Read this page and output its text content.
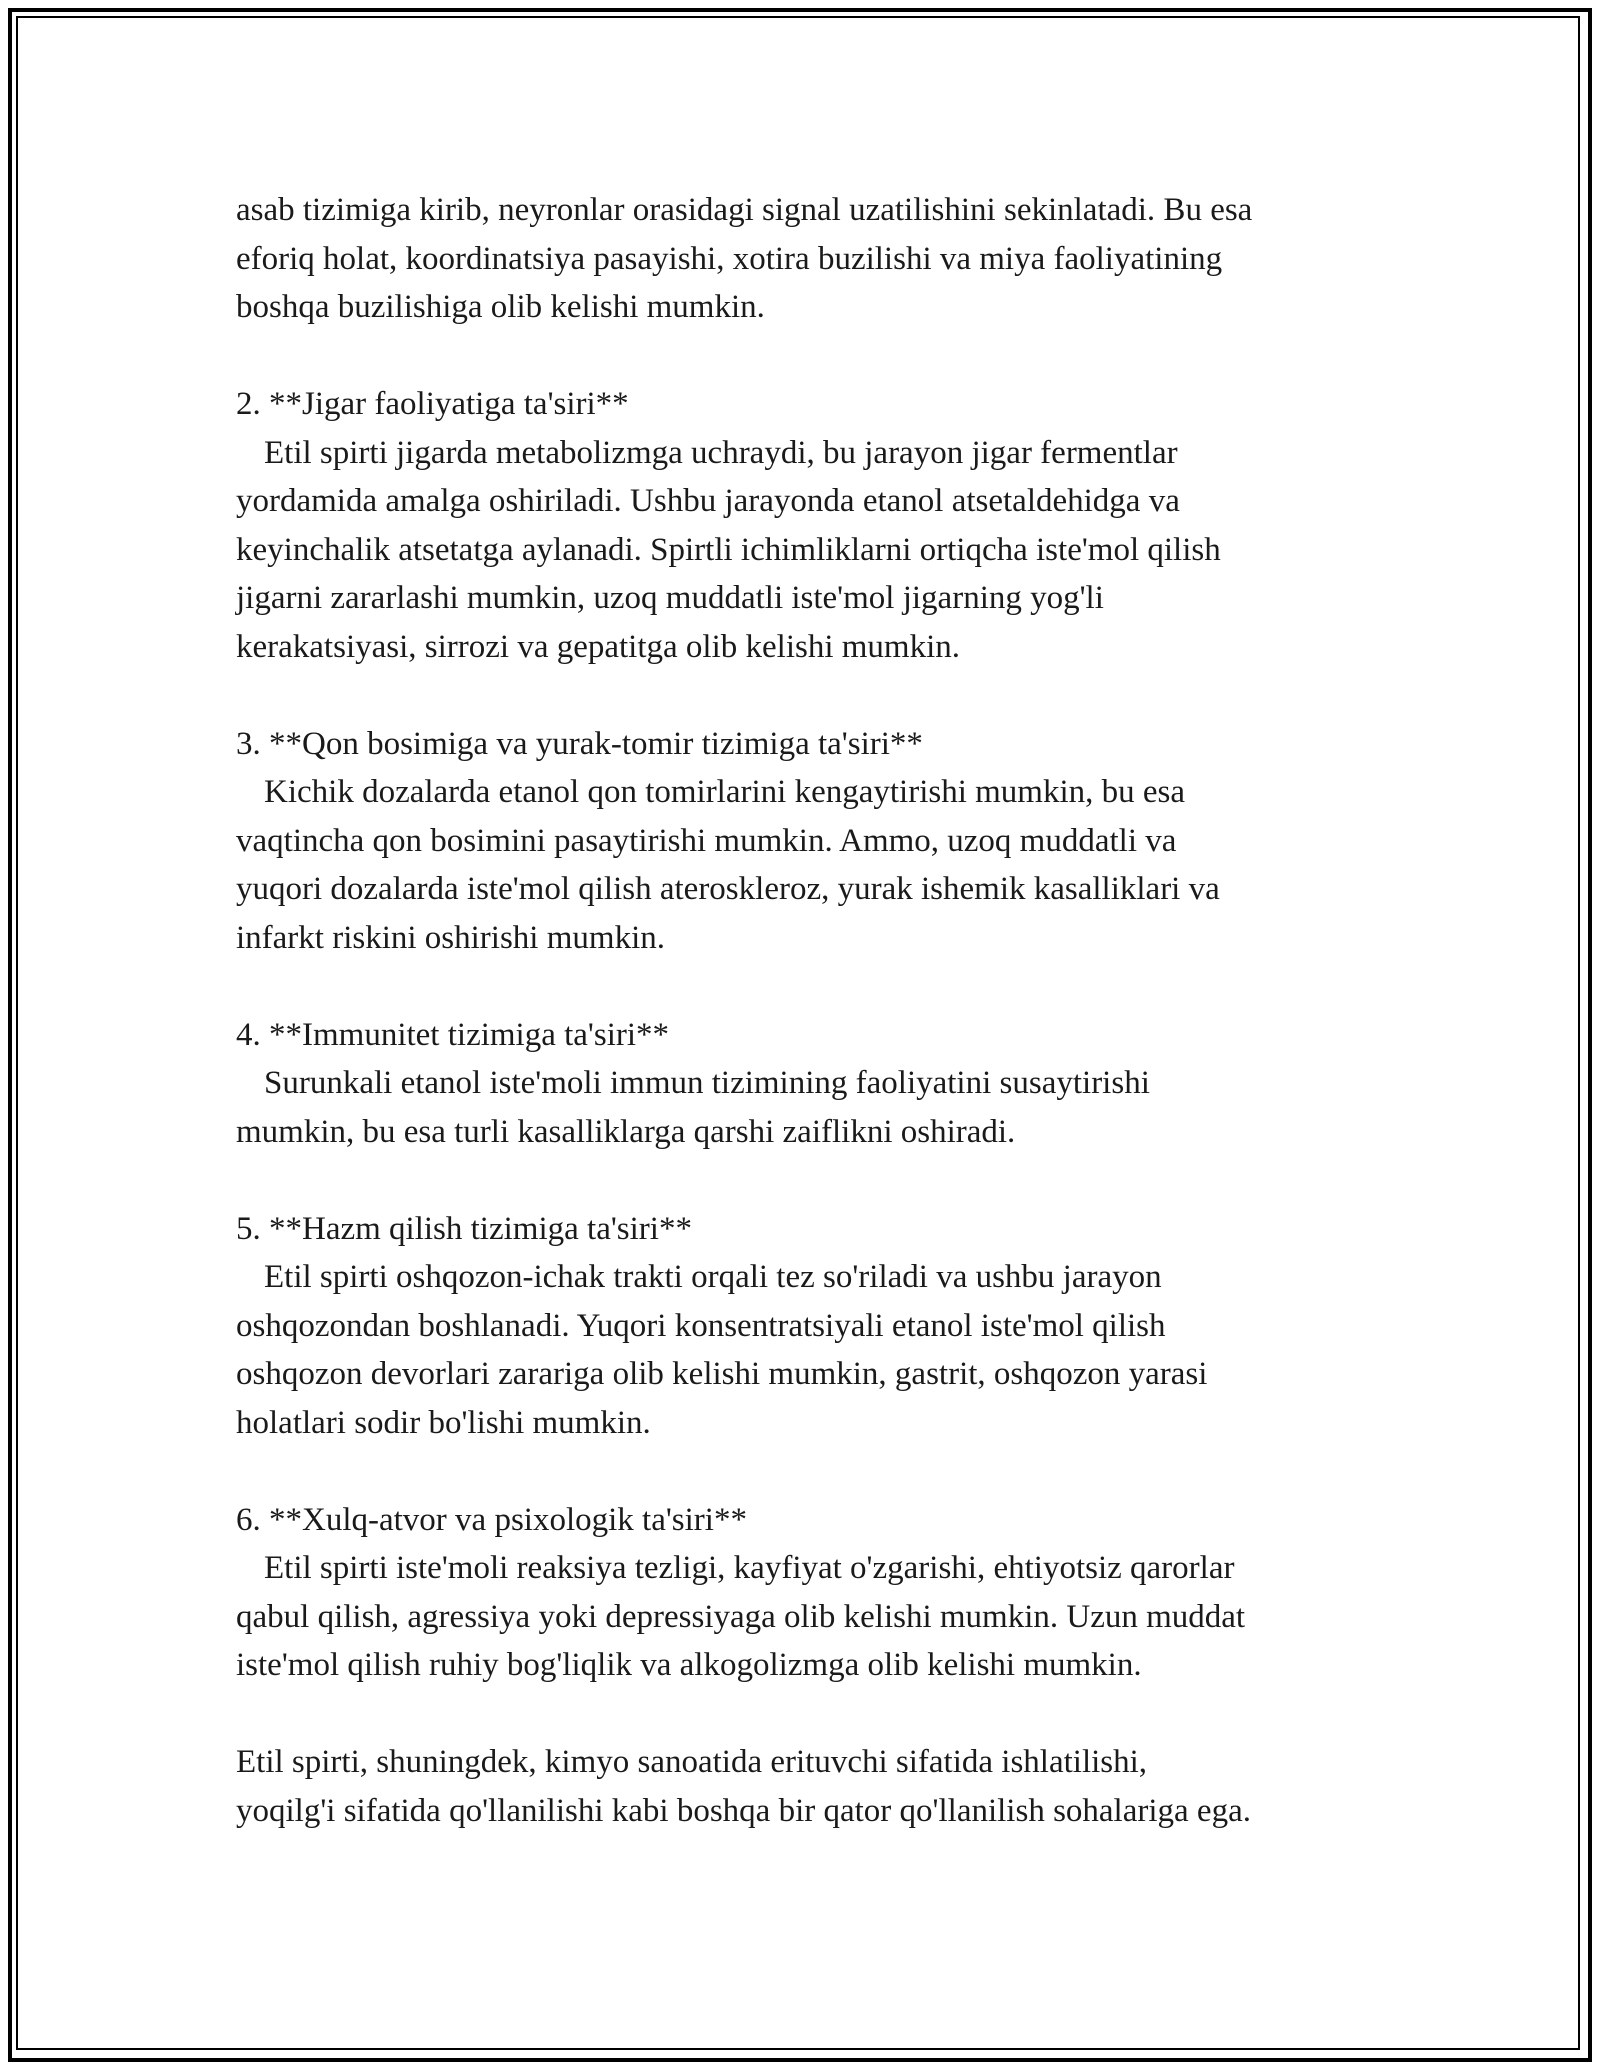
asab tizimiga kirib, neyronlar orasidagi signal uzatilishini sekinlatadi. Bu esa
eforiq holat, koordinatsiya pasayishi, xotira buzilishi va miya faoliyatining
boshqa buzilishiga olib kelishi mumkin.

2. **Jigar faoliyatiga ta'siri**

Etil spirti jigarda metabolizmga uchraydi, bu jarayon jigar fermentlar
yordamida amalga oshiriladi. Ushbu jarayonda etanol atsetaldehidga va
keyinchalik atsetatga aylanadi. Spirtli ichimliklarni ortiqcha iste'mol qilish
jigarni zararlashi mumkin, uzoq muddatli iste'mol jigarning yog'li
kerakatsiyasi, sirrozi va gepatitga olib kelishi mumkin.

3. **Qon bosimiga va yurak-tomir tizimiga ta'siri**

Kichik dozalarda etanol qon tomirlarini kengaytirishi mumkin, bu esa
vaqtincha qon bosimini pasaytirishi mumkin. Ammo, uzoq muddatli va
yuqori dozalarda iste'mol qilish ateroskleroz, yurak ishemik kasalliklari va
infarkt riskini oshirishi mumkin.

4. **Immunitet tizimiga ta'siri**

Surunkali etanol iste'moli immun tizimining faoliyatini susaytirishi
mumkin, bu esa turli kasalliklarga qarshi zaiflikni oshiradi.

5. **Hazm qilish tizimiga ta'siri**

Etil spirti oshqozon-ichak trakti orqali tez so'riladi va ushbu jarayon
oshqozondan boshlanadi. Yuqori konsentratsiyali etanol iste'mol qilish
oshqozon devorlari zarariga olib kelishi mumkin, gastrit, oshqozon yarasi
holatlari sodir bo'lishi mumkin.

6. **Xulq-atvor va psixologik ta'siri**

Etil spirti iste'moli reaksiya tezligi, kayfiyat o'zgarishi, ehtiyotsiz qarorlar
qabul qilish, agressiya yoki depressiyaga olib kelishi mumkin. Uzun muddat
iste'mol qilish ruhiy bog'liqlik va alkogolizmga olib kelishi mumkin.

Etil spirti, shuningdek, kimyo sanoatida erituvchi sifatida ishlatilishi,
yoqilg'i sifatida qo'llanilishi kabi boshqa bir qator qo'llanilish sohalariga ega.
